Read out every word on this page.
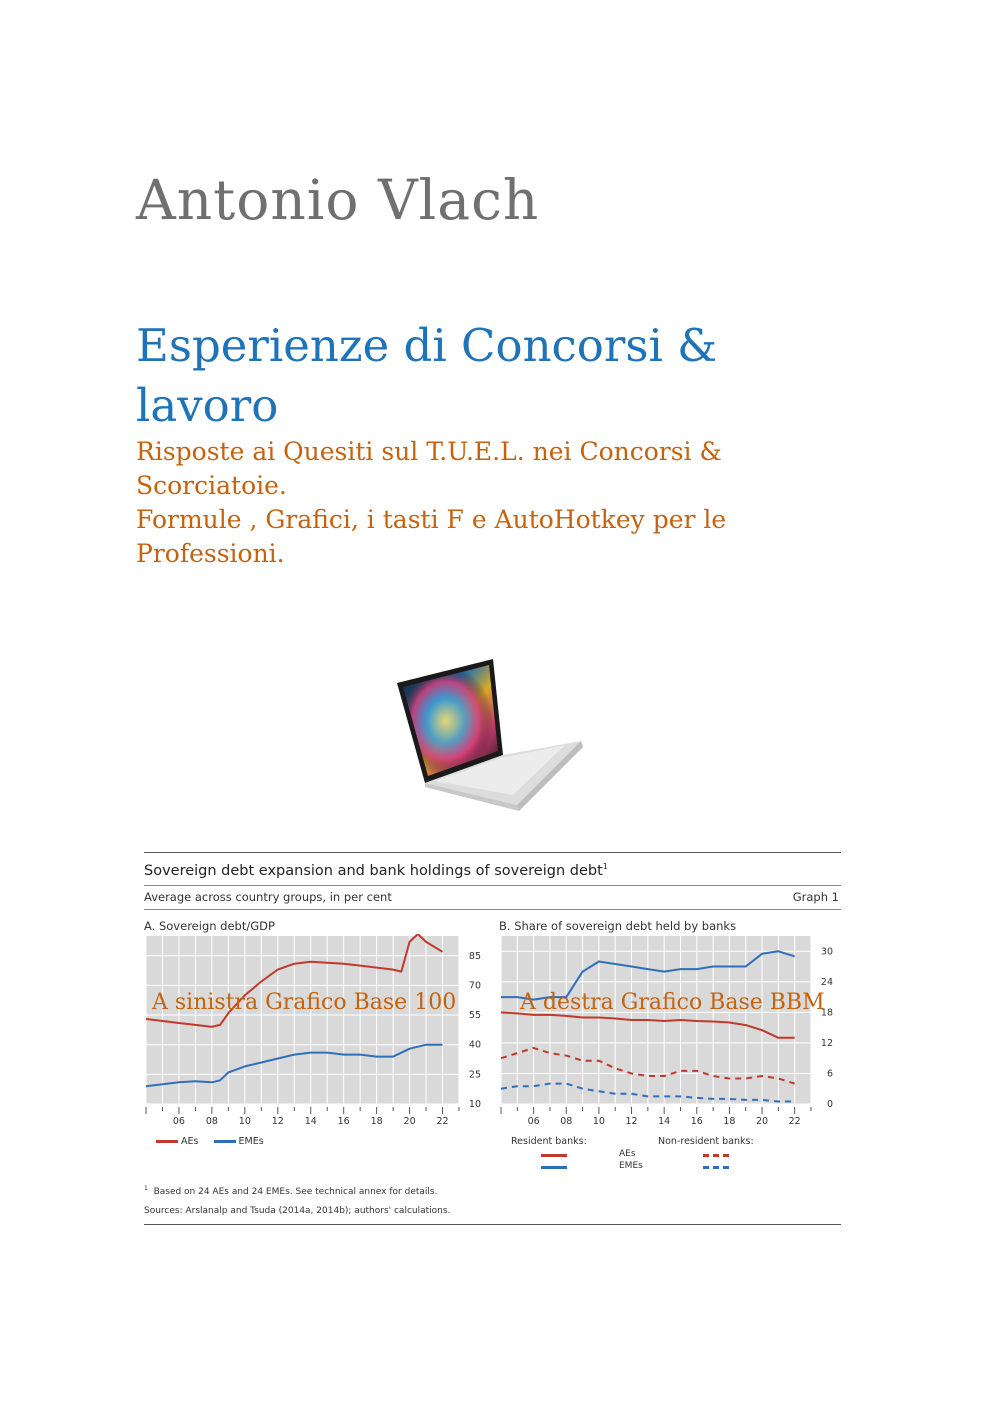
Antonio Vlach
Esperienze di Concorsi & lavoro
Risposte ai Quesiti sul T.U.E.L. nei Concorsi &
Scorciatoie.
Formule , Grafici, i tasti F e AutoHotkey per le
Professioni.
Sovereign debt expansion and bank holdings of sovereign debt$^1$
Average across country groups, in per cent	Graph 1
A. Sovereign debt/GDP	B. Share of sovereign debt held by banks
10
25
40
55
70
85
06 08 10 12 14 16 18 20 22
0
6
12
18
24
30
06 08 10 12 14 16 18 20 22
AEs	EMEs	Resident banks:	Non-resident banks:
AEs
EMEs
$^1$ Based on 24 AEs and 24 EMEs. See technical annex for details.
Sources: Arslanalp and Tsuda (2014a, 2014b); authors' calculations.
A sinistra Grafico Base 100	A destra Grafico Base BBM
